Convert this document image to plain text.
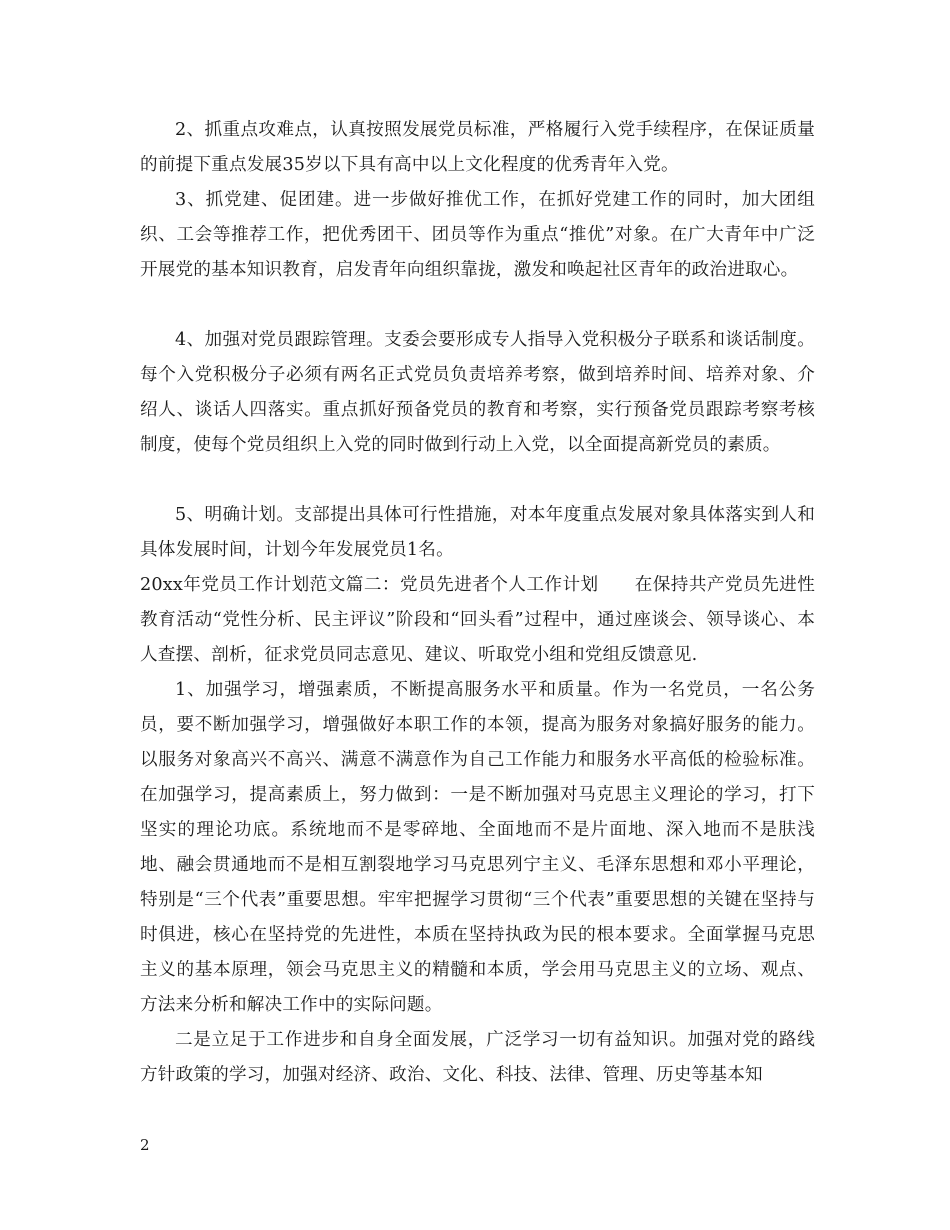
2、抓重点攻难点，认真按照发展党员标准，严格履行入党手续程序，在保证质量的前提下重点发展35岁以下具有高中以上文化程度的优秀青年入党。

3、抓党建、促团建。进一步做好推优工作，在抓好党建工作的同时，加大团组织、工会等推荐工作，把优秀团干、团员等作为重点“推优”对象。在广大青年中广泛开展党的基本知识教育，启发青年向组织靠拢，激发和唤起社区青年的政治进取心。

4、加强对党员跟踪管理。支委会要形成专人指导入党积极分子联系和谈话制度。每个入党积极分子必须有两名正式党员负责培养考察，做到培养时间、培养对象、介绍人、谈话人四落实。重点抓好预备党员的教育和考察，实行预备党员跟踪考察考核制度，使每个党员组织上入党的同时做到行动上入党，以全面提高新党员的素质。

5、明确计划。支部提出具体可行性措施，对本年度重点发展对象具体落实到人和具体发展时间，计划今年发展党员1名。

20xx年党员工作计划范文篇二：党员先进者个人工作计划　　在保持共产党员先进性教育活动“党性分析、民主评议”阶段和“回头看”过程中，通过座谈会、领导谈心、本人查摆、剖析，征求党员同志意见、建议、听取党小组和党组反馈意见.

1、加强学习，增强素质，不断提高服务水平和质量。作为一名党员，一名公务员，要不断加强学习，增强做好本职工作的本领，提高为服务对象搞好服务的能力。以服务对象高兴不高兴、满意不满意作为自己工作能力和服务水平高低的检验标准。在加强学习，提高素质上，努力做到：一是不断加强对马克思主义理论的学习，打下坚实的理论功底。系统地而不是零碎地、全面地而不是片面地、深入地而不是肤浅地、融会贯通地而不是相互割裂地学习马克思列宁主义、毛泽东思想和邓小平理论，特别是“三个代表”重要思想。牢牢把握学习贯彻“三个代表”重要思想的关键在坚持与时俱进，核心在坚持党的先进性，本质在坚持执政为民的根本要求。全面掌握马克思主义的基本原理，领会马克思主义的精髓和本质，学会用马克思主义的立场、观点、方法来分析和解决工作中的实际问题。

二是立足于工作进步和自身全面发展，广泛学习一切有益知识。加强对党的路线方针政策的学习，加强对经济、政治、文化、科技、法律、管理、历史等基本知

2
